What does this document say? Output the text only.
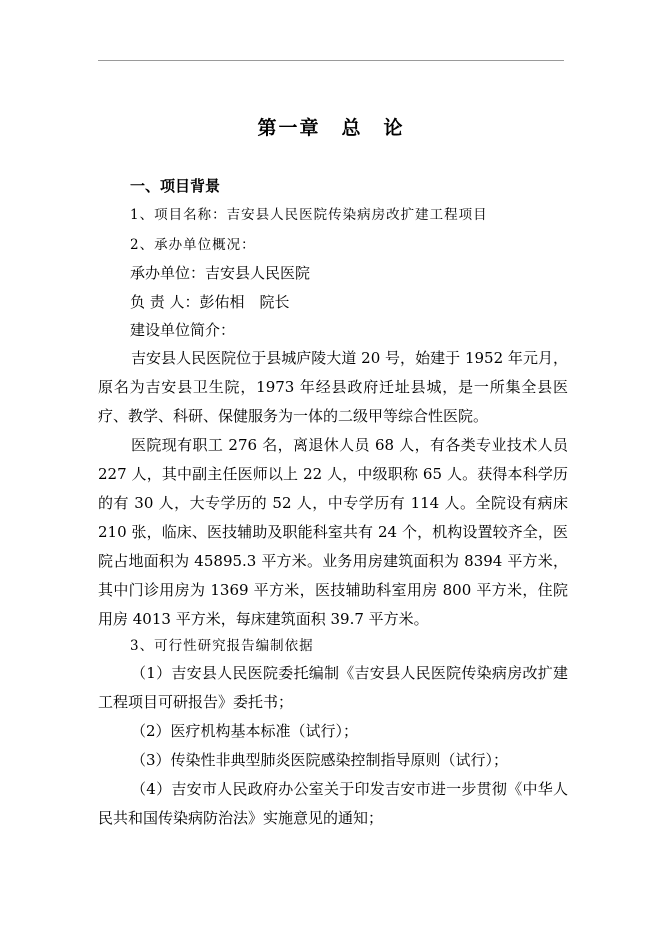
第一章　总　论
一、项目背景
1、项目名称：吉安县人民医院传染病房改扩建工程项目
2、承办单位概况：
承办单位：吉安县人民医院
负 责 人：彭佑相　院长
建设单位简介：

吉安县人民医院位于县城庐陵大道 20 号，始建于 1952 年元月，原名为吉安县卫生院，1973 年经县政府迁址县城，是一所集全县医疗、教学、科研、保健服务为一体的二级甲等综合性医院。

医院现有职工 276 名，离退休人员 68 人，有各类专业技术人员 227 人，其中副主任医师以上 22 人，中级职称 65 人。获得本科学历的有 30 人，大专学历的 52 人，中专学历有 114 人。全院设有病床 210 张，临床、医技辅助及职能科室共有 24 个，机构设置较齐全，医院占地面积为 45895.3 平方米。业务用房建筑面积为 8394 平方米，其中门诊用房为 1369 平方米，医技辅助科室用房 800 平方米，住院用房 4013 平方米，每床建筑面积 39.7 平方米。

3、可行性研究报告编制依据

（1）吉安县人民医院委托编制《吉安县人民医院传染病房改扩建工程项目可研报告》委托书；

（2）医疗机构基本标准（试行）；

（3）传染性非典型肺炎医院感染控制指导原则（试行）；

（4）吉安市人民政府办公室关于印发吉安市进一步贯彻《中华人民共和国传染病防治法》实施意见的通知；
